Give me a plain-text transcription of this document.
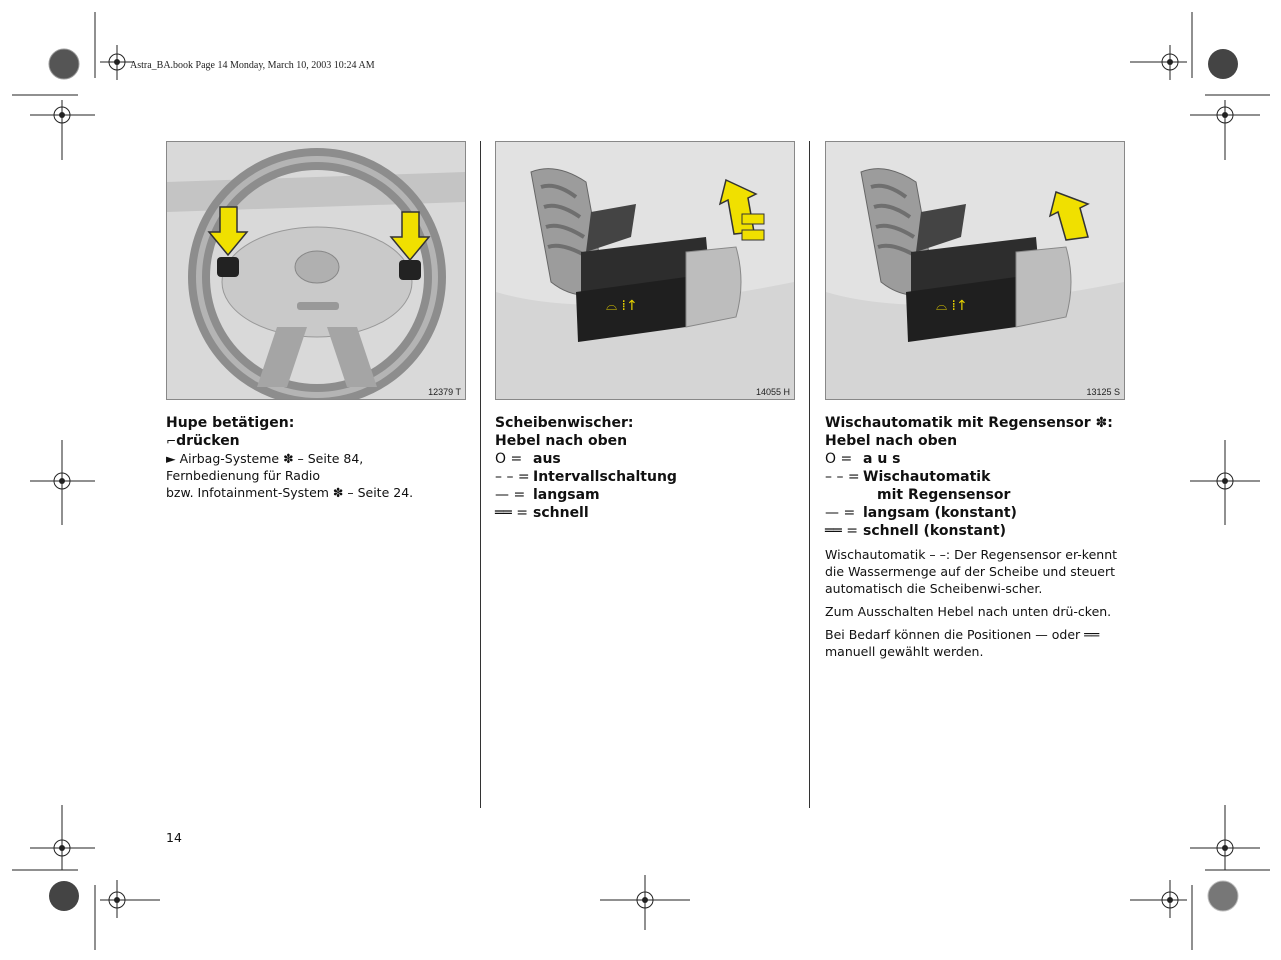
Astra_BA.book Page 14 Monday, March 10, 2003 10:24 AM
12379 T
⌓ ⁞↑
14055 H
⌓ ⁞↑
13125 S
Hupe betätigen:
⌐drücken
► Airbag-Systeme ✽ – Seite 84,
Fernbedienung für Radio
bzw. Infotainment-System ✽ – Seite 24.
Scheibenwischer:
Hebel nach oben
O = aus
– – = Intervallschaltung
— = langsam
══ = schnell
Wischautomatik mit Regensensor ✽:
Hebel nach oben
O = a u s
– – = Wischautomatik
mit Regensensor
— = langsam (konstant)
══ = schnell (konstant)
Wischautomatik – –: Der Regensensor er-kennt die Wassermenge auf der Scheibe und steuert automatisch die Scheibenwi-scher.
Zum Ausschalten Hebel nach unten drü-cken.
Bei Bedarf können die Positionen — oder ══ manuell gewählt werden.
14
